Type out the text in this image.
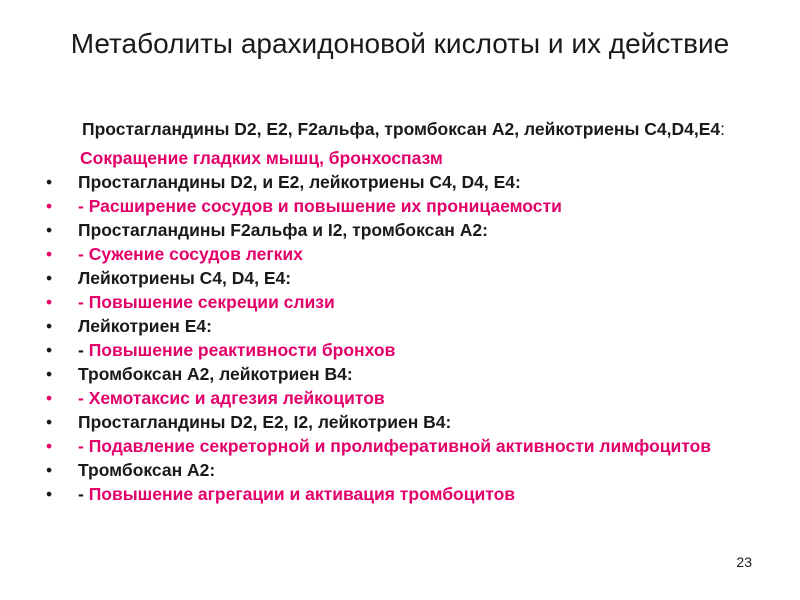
Метаболиты арахидоновой кислоты и их действие
Простагландины D2, E2, F2альфа, тромбоксан А2, лейкотриены С4,D4,E4:
Сокращение гладких мышц, бронхоспазм
• Простагландины D2, и E2, лейкотриены С4, D4, E4:
• - Расширение сосудов и повышение их проницаемости
• Простагландины F2альфа и I2, тромбоксан А2:
• - Сужение сосудов легких
• Лейкотриены С4, D4, E4:
• - Повышение секреции слизи
• Лейкотриен E4:
• - Повышение реактивности бронхов
• Тромбоксан А2, лейкотриен В4:
• - Хемотаксис и адгезия лейкоцитов
• Простагландины D2, E2, I2, лейкотриен В4:
• - Подавление секреторной и пролиферативной активности лимфоцитов
• Тромбоксан А2:
• - Повышение агрегации и активация тромбоцитов
23
